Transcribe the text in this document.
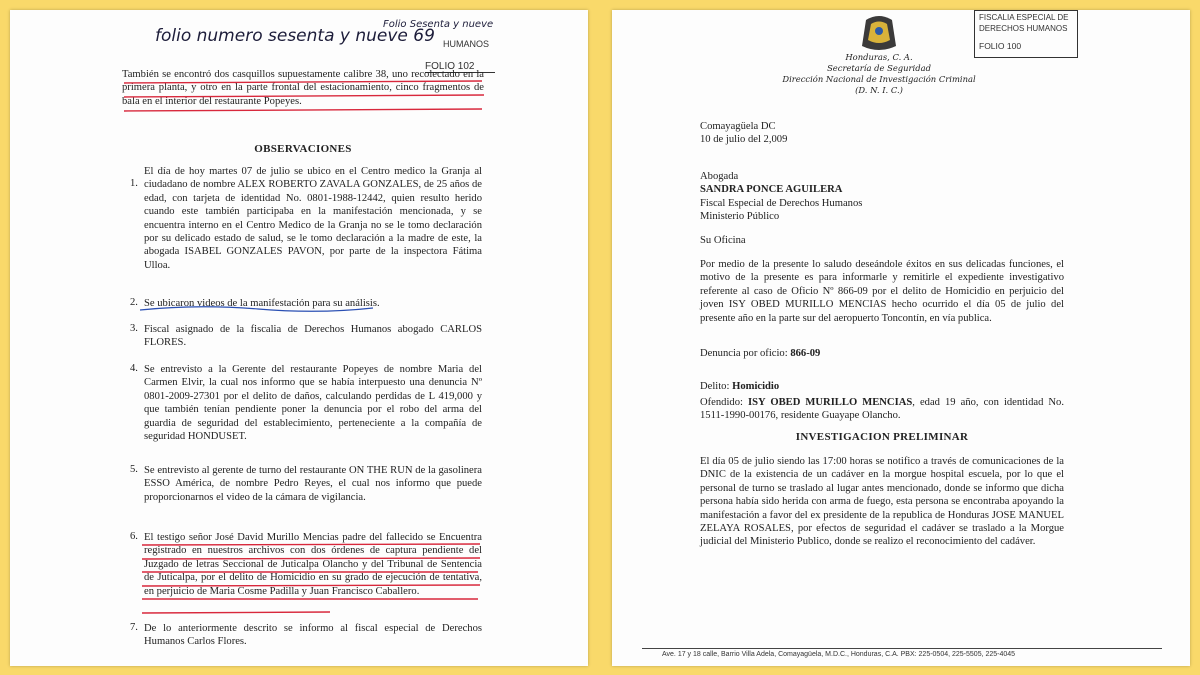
folio numero sesenta y nueve 69
Folio Sesenta y nueve
HUMANOS
FOLIO 102
También se encontró dos casquillos supuestamente calibre 38, uno recolectado en la primera planta, y otro en la parte frontal del estacionamiento, cinco fragmentos de bala en el interior del restaurante Popeyes.
OBSERVACIONES
1.
El día de hoy martes 07 de julio se ubico en el Centro medico la Granja al ciudadano de nombre ALEX ROBERTO ZAVALA GONZALES, de 25 años de edad, con tarjeta de identidad No. 0801-1988-12442, quien resulto herido cuando este también participaba en la manifestación mencionada, y se encuentra interno en el Centro Medico de la Granja no se le tomo declaración por su delicado estado de salud, se le tomo declaración a la madre de este, la abogada ISABEL GONZALES PAVON, por parte de la inspectora Fátima Ulloa.
2. Se ubicaron videos de la manifestación para su análisis.
3. Fiscal asignado de la fiscalia de Derechos Humanos abogado CARLOS FLORES.
4. Se entrevisto a la Gerente del restaurante Popeyes de nombre Maria del Carmen Elvir, la cual nos informo que se había interpuesto una denuncia Nº 0801-2009-27301 por el delito de daños, calculando perdidas de L 419,000 y que también tenían pendiente poner la denuncia por el robo del arma del guardia de seguridad del establecimiento, perteneciente a la compañía de seguridad HONDUSET.
5. Se entrevisto al gerente de turno del restaurante ON THE RUN de la gasolinera ESSO América, de nombre Pedro Reyes, el cual nos informo que puede proporcionarnos el video de la cámara de vigilancia.
6. El testigo señor José David Murillo Mencias padre del fallecido se Encuentra registrado en nuestros archivos con dos órdenes de captura pendiente del Juzgado de letras Seccional de Juticalpa Olancho y del Tribunal de Sentencia de Juticalpa, por el delito de Homicidio en su grado de ejecución de tentativa, en perjuicio de Maria Cosme Padilla y Juan Francisco Caballero.
7. De lo anteriormente descrito se informo al fiscal especial de Derechos Humanos Carlos Flores.
Honduras, C. A.
Secretaría de Seguridad
Dirección Nacional de Investigación Criminal
(D. N. I. C.)
FISCALIA ESPECIAL DE
DERECHOS HUMANOS
FOLIO 100
Comayagüela DC
10 de julio del 2,009
Abogada
SANDRA PONCE AGUILERA
Fiscal Especial de Derechos Humanos
Ministerio Público
Su Oficina
Por medio de la presente lo saludo deseándole éxitos en sus delicadas funciones, el motivo de la presente es para informarle y remitirle el expediente investigativo referente al caso de Oficio Nº 866-09 por el delito de Homicidio en perjuicio del joven ISY OBED MURILLO MENCIAS hecho ocurrido el día 05 de julio del presente año en la parte sur del aeropuerto Toncontín, en vía publica.
Denuncia por oficio: 866-09
Delito: Homicidio
Ofendido: ISY OBED MURILLO MENCIAS, edad 19 año, con identidad No. 1511-1990-00176, residente Guayape Olancho.
INVESTIGACION PRELIMINAR
El día 05 de julio siendo las 17:00 horas se notifico a través de comunicaciones de la DNIC de la existencia de un cadáver en la morgue hospital escuela, por lo que el personal de turno se traslado al lugar antes mencionado, donde se informo que dicha persona había sido herida con arma de fuego, esta persona se encontraba apoyando la manifestación a favor del ex presidente de la republica de Honduras JOSE MANUEL ZELAYA ROSALES, por efectos de seguridad el cadáver se traslado a la Morgue judicial del Ministerio Publico, donde se realizo el reconocimiento del cadáver.
Ave. 17 y 18 calle, Barrio Villa Adela, Comayagüela, M.D.C., Honduras, C.A. PBX: 225-0504, 225-5505, 225-4045
